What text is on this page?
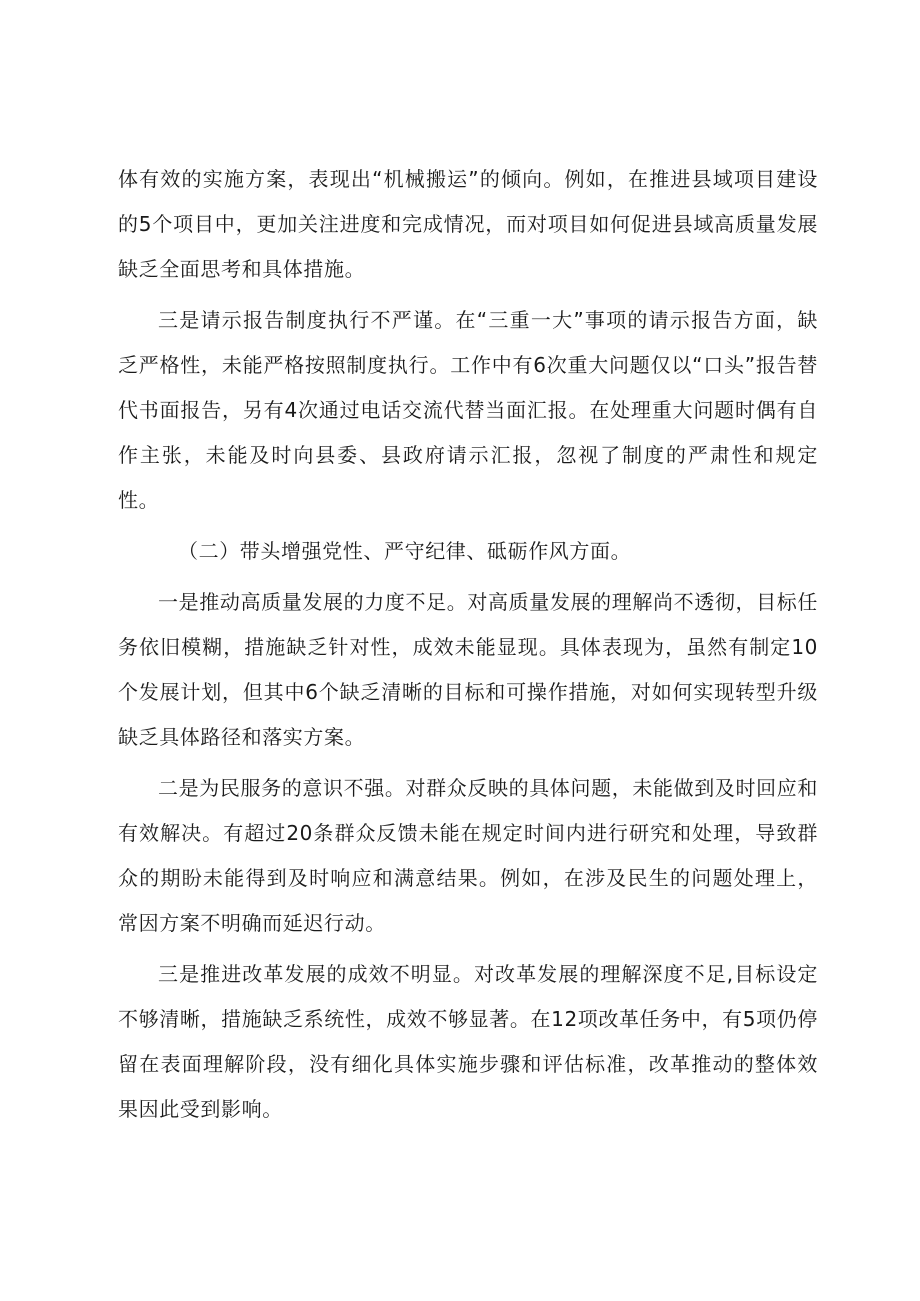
体有效的实施方案，表现出“机械搬运”的倾向。例如，在推进县域项目建设的5个项目中，更加关注进度和完成情况，而对项目如何促进县域高质量发展缺乏全面思考和具体措施。

三是请示报告制度执行不严谨。在“三重一大”事项的请示报告方面，缺乏严格性，未能严格按照制度执行。工作中有6次重大问题仅以“口头”报告替代书面报告，另有4次通过电话交流代替当面汇报。在处理重大问题时偶有自作主张，未能及时向县委、县政府请示汇报，忽视了制度的严肃性和规定性。

（二）带头增强党性、严守纪律、砥砺作风方面。

一是推动高质量发展的力度不足。对高质量发展的理解尚不透彻，目标任务依旧模糊，措施缺乏针对性，成效未能显现。具体表现为，虽然有制定10个发展计划，但其中6个缺乏清晰的目标和可操作措施，对如何实现转型升级缺乏具体路径和落实方案。

二是为民服务的意识不强。对群众反映的具体问题，未能做到及时回应和有效解决。有超过20条群众反馈未能在规定时间内进行研究和处理，导致群众的期盼未能得到及时响应和满意结果。例如，在涉及民生的问题处理上，常因方案不明确而延迟行动。

三是推进改革发展的成效不明显。对改革发展的理解深度不足,目标设定不够清晰，措施缺乏系统性，成效不够显著。在12项改革任务中，有5项仍停留在表面理解阶段，没有细化具体实施步骤和评估标准，改革推动的整体效果因此受到影响。
